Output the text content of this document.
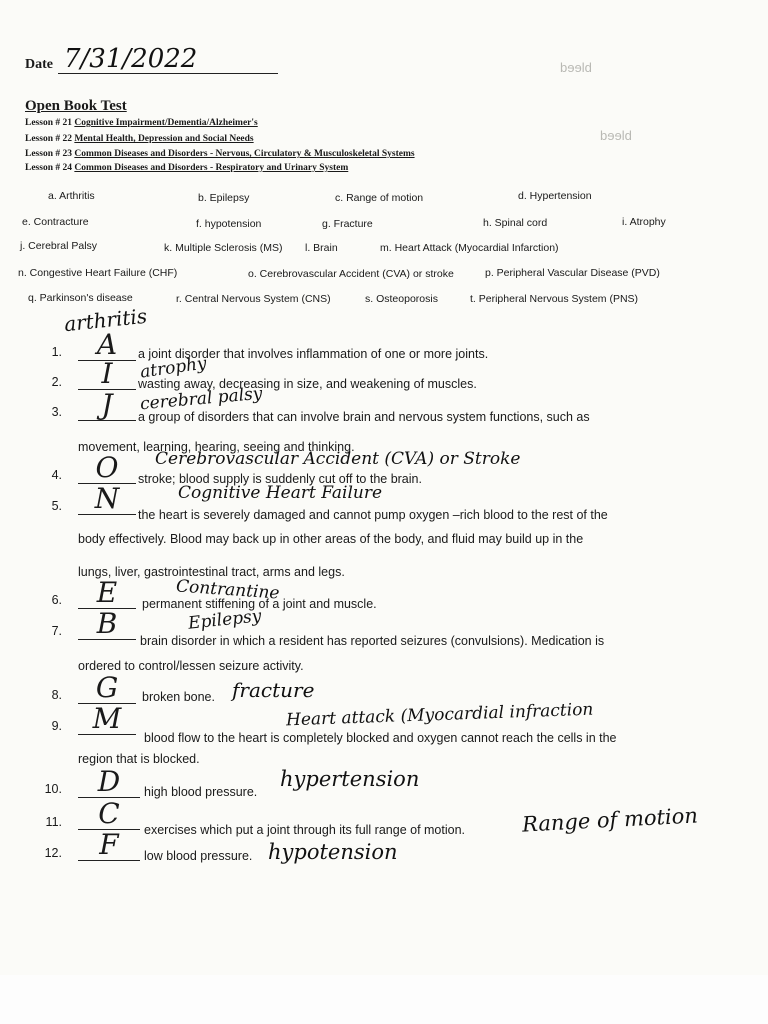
bleed
bleed
Date 7/31/2022
Open Book Test
Lesson # 21 Cognitive Impairment/Dementia/Alzheimer's
Lesson # 22 Mental Health, Depression and Social Needs
Lesson # 23 Common Diseases and Disorders - Nervous, Circulatory & Musculoskeletal Systems
Lesson # 24 Common Diseases and Disorders - Respiratory and Urinary System
a. Arthritis	b. Epilepsy	c. Range of motion	d. Hypertension
e. Contracture	f. hypotension	g. Fracture	h. Spinal cord	i. Atrophy
j. Cerebral Palsy	k. Multiple Sclerosis (MS) l. Brain	m. Heart Attack (Myocardial Infarction)
n. Congestive Heart Failure (CHF)	o. Cerebrovascular Accident (CVA) or stroke	p. Peripheral Vascular Disease (PVD)
q. Parkinson's disease	r. Central Nervous System (CNS)	s. Osteoporosis	t. Peripheral Nervous System (PNS)
arthritis
1.	A	a joint disorder that involves inflammation of one or more joints.
atrophy
2.	I	wasting away, decreasing in size, and weakening of muscles.
cerebral palsy
3.	J	a group of disorders that can involve brain and nervous system functions, such as
movement, learning, hearing, seeing and thinking.
Cerebrovascular Accident (CVA) or Stroke
4.	O	stroke; blood supply is suddenly cut off to the brain.
Cognitive Heart Failure
5.	N	the heart is severely damaged and cannot pump oxygen –rich blood to the rest of the
body effectively. Blood may back up in other areas of the body, and fluid may build up in the
lungs, liver, gastrointestinal tract, arms and legs.
Contrantine
6.	E	permanent stiffening of a joint and muscle.
Epilepsy
7.	B
brain disorder in which a resident has reported seizures (convulsions). Medication is
ordered to control/lessen seizure activity.
8.	G	broken bone. fracture
Heart attack (Myocardial infraction
9.	M
blood flow to the heart is completely blocked and oxygen cannot reach the cells in the
region that is blocked.
10.	D	high blood pressure.
hypertension
11.	C	exercises which put a joint through its full range of motion.	Range of motion
12.	F	low blood pressure. hypotension
